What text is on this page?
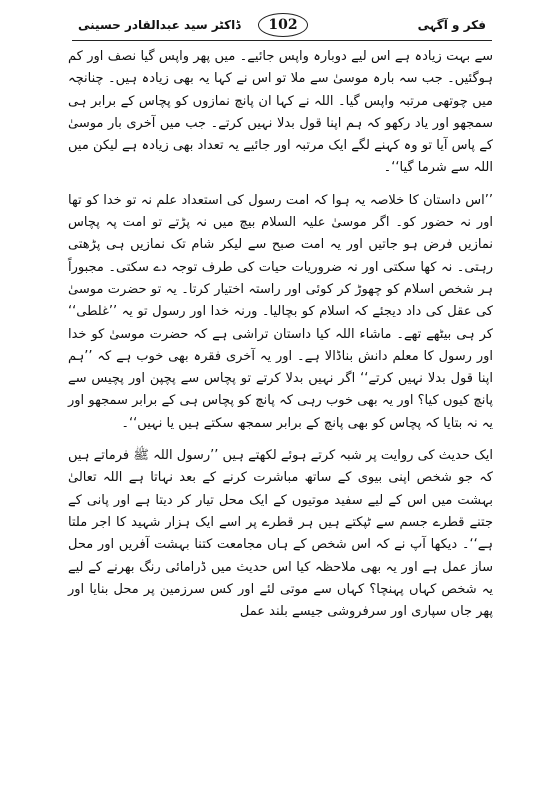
فکر و آگہی
102
ڈاکٹر سید عبدالقادر حسینی

سے بہت زیادہ ہے اس لیے دوبارہ واپس جائیے۔ میں پھر واپس گیا نصف اور کم ہوگئیں۔ جب سہ بارہ موسیٰ سے ملا تو اس نے کہا یہ بھی زیادہ ہیں۔ چنانچہ میں چوتھی مرتبہ واپس گیا۔ اللہ نے کہا ان پانچ نمازوں کو پچاس کے برابر ہی سمجھو اور یاد رکھو کہ ہم اپنا قول بدلا نہیں کرتے۔ جب میں آخری بار موسیٰ کے پاس آیا تو وہ کہنے لگے ایک مرتبہ اور جائیے یہ تعداد بھی زیادہ ہے لیکن میں اللہ سے شرما گیا‘‘۔

’’اس داستان کا خلاصہ یہ ہوا کہ امت رسول کی استعداد علم نہ تو خدا کو تھا اور نہ حضور کو۔ اگر موسیٰ علیہ السلام بیچ میں نہ پڑتے تو امت پہ پچاس نمازیں فرض ہو جاتیں اور یہ امت صبح سے لیکر شام تک نمازیں ہی پڑھتی رہتی۔ نہ کھا سکتی اور نہ ضروریات حیات کی طرف توجہ دے سکتی۔ مجبوراً ہر شخص اسلام کو چھوڑ کر کوئی اور راستہ اختیار کرتا۔ یہ تو حضرت موسیٰ کی عقل کی داد دیجئے کہ اسلام کو بچالیا۔ ورنہ خدا اور رسول تو یہ ’’غلطی‘‘ کر ہی بیٹھے تھے۔ ماشاء اللہ کیا داستان تراشی ہے کہ حضرت موسیٰ کو خدا اور رسول کا معلم دانش بناڈالا ہے۔ اور یہ آخری فقرہ بھی خوب ہے کہ ’’ہم اپنا قول بدلا نہیں کرتے‘‘ اگر نہیں بدلا کرتے تو پچاس سے پچپن اور پچیس سے پانچ کیوں کیا؟ اور یہ بھی خوب رہی کہ پانچ کو پچاس ہی کے برابر سمجھو اور یہ نہ بتایا کہ پچاس کو بھی پانچ کے برابر سمجھ سکتے ہیں یا نہیں‘‘۔

ایک حدیث کی روایت پر شبہ کرتے ہوئے لکھتے ہیں ’’رسول اللہ ﷺ فرماتے ہیں کہ جو شخص اپنی بیوی کے ساتھ مباشرت کرنے کے بعد نہاتا ہے اللہ تعالیٰ بہشت میں اس کے لیے سفید موتیوں کے ایک محل تیار کر دیتا ہے اور پانی کے جتنے قطرے جسم سے ٹپکتے ہیں ہر قطرے پر اسے ایک ہزار شہید کا اجر ملتا ہے‘‘۔ دیکھا آپ نے کہ اس شخص کے ہاں مجامعت کتنا بہشت آفریں اور محل ساز عمل ہے اور یہ بھی ملاحظہ کیا اس حدیث میں ڈرامائی رنگ بھرنے کے لیے یہ شخص کہاں پہنچا؟ کہاں سے موتی لئے اور کس سرزمین پر محل بنایا اور پھر جاں سپاری اور سرفروشی جیسے بلند عمل
